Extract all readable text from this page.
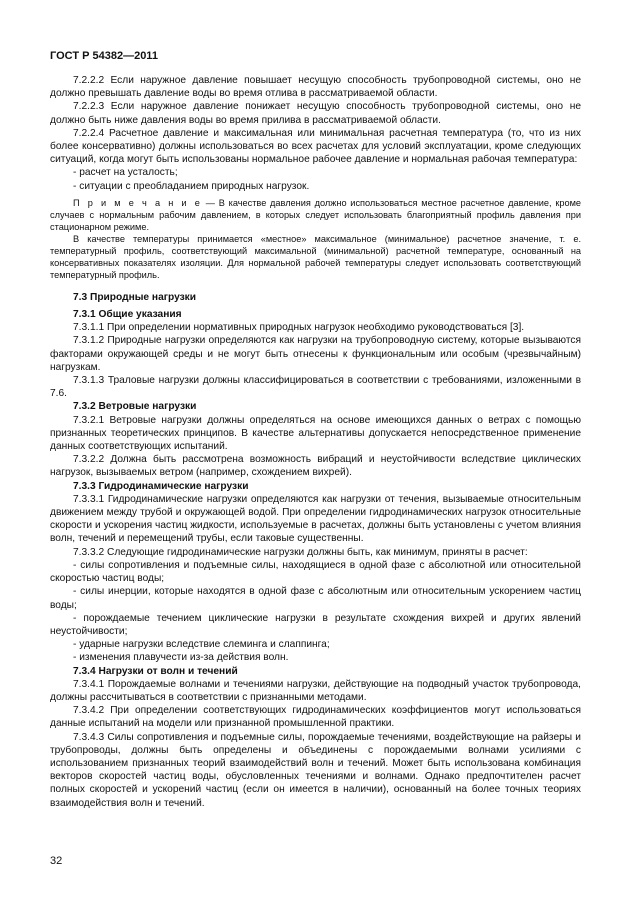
ГОСТ Р 54382—2011

7.2.2.2 Если наружное давление повышает несущую способность трубопроводной системы, оно не должно превышать давление воды во время отлива в рассматриваемой области.

7.2.2.3 Если наружное давление понижает несущую способность трубопроводной системы, оно не должно быть ниже давления воды во время прилива в рассматриваемой области.

7.2.2.4 Расчетное давление и максимальная или минимальная расчетная температура (то, что из них более консервативно) должны использоваться во всех расчетах для условий эксплуатации, кроме следующих ситуаций, когда могут быть использованы нормальное рабочее давление и нормальная рабочая температура:

- расчет на усталость;

- ситуации с преобладанием природных нагрузок.

П р и м е ч а н и е — В качестве давления должно использоваться местное расчетное давление, кроме случаев с нормальным рабочим давлением, в которых следует использовать благоприятный профиль давления при стационарном режиме.

В качестве температуры принимается «местное» максимальное (минимальное) расчетное значение, т. е. температурный профиль, соответствующий максимальной (минимальной) расчетной температуре, основанный на консервативных показателях изоляции. Для нормальной рабочей температуры следует использовать соответствующий температурный профиль.

7.3 Природные нагрузки
7.3.1 Общие указания

7.3.1.1 При определении нормативных природных нагрузок необходимо руководствоваться [3].

7.3.1.2 Природные нагрузки определяются как нагрузки на трубопроводную систему, которые вызываются факторами окружающей среды и не могут быть отнесены к функциональным или особым (чрезвычайным) нагрузкам.

7.3.1.3 Траловые нагрузки должны классифицироваться в соответствии с требованиями, изложенными в 7.6.

7.3.2 Ветровые нагрузки

7.3.2.1 Ветровые нагрузки должны определяться на основе имеющихся данных о ветрах с помощью признанных теоретических принципов. В качестве альтернативы допускается непосредственное применение данных соответствующих испытаний.

7.3.2.2 Должна быть рассмотрена возможность вибраций и неустойчивости вследствие циклических нагрузок, вызываемых ветром (например, схождением вихрей).

7.3.3 Гидродинамические нагрузки

7.3.3.1 Гидродинамические нагрузки определяются как нагрузки от течения, вызываемые относительным движением между трубой и окружающей водой. При определении гидродинамических нагрузок относительные скорости и ускорения частиц жидкости, используемые в расчетах, должны быть установлены с учетом влияния волн, течений и перемещений трубы, если таковые существенны.

7.3.3.2 Следующие гидродинамические нагрузки должны быть, как минимум, приняты в расчет:

- силы сопротивления и подъемные силы, находящиеся в одной фазе с абсолютной или относительной скоростью частиц воды;

- силы инерции, которые находятся в одной фазе с абсолютным или относительным ускорением частиц воды;

- порождаемые течением циклические нагрузки в результате схождения вихрей и других явлений неустойчивости;

- ударные нагрузки вследствие слеминга и слаппинга;

- изменения плавучести из-за действия волн.

7.3.4 Нагрузки от волн и течений

7.3.4.1 Порождаемые волнами и течениями нагрузки, действующие на подводный участок трубопровода, должны рассчитываться в соответствии с признанными методами.

7.3.4.2 При определении соответствующих гидродинамических коэффициентов могут использоваться данные испытаний на модели или признанной промышленной практики.

7.3.4.3 Силы сопротивления и подъемные силы, порождаемые течениями, воздействующие на райзеры и трубопроводы, должны быть определены и объединены с порождаемыми волнами усилиями с использованием признанных теорий взаимодействий волн и течений. Может быть использована комбинация векторов скоростей частиц воды, обусловленных течениями и волнами. Однако предпочтителен расчет полных скоростей и ускорений частиц (если он имеется в наличии), основанный на более точных теориях взаимодействия волн и течений.

32
